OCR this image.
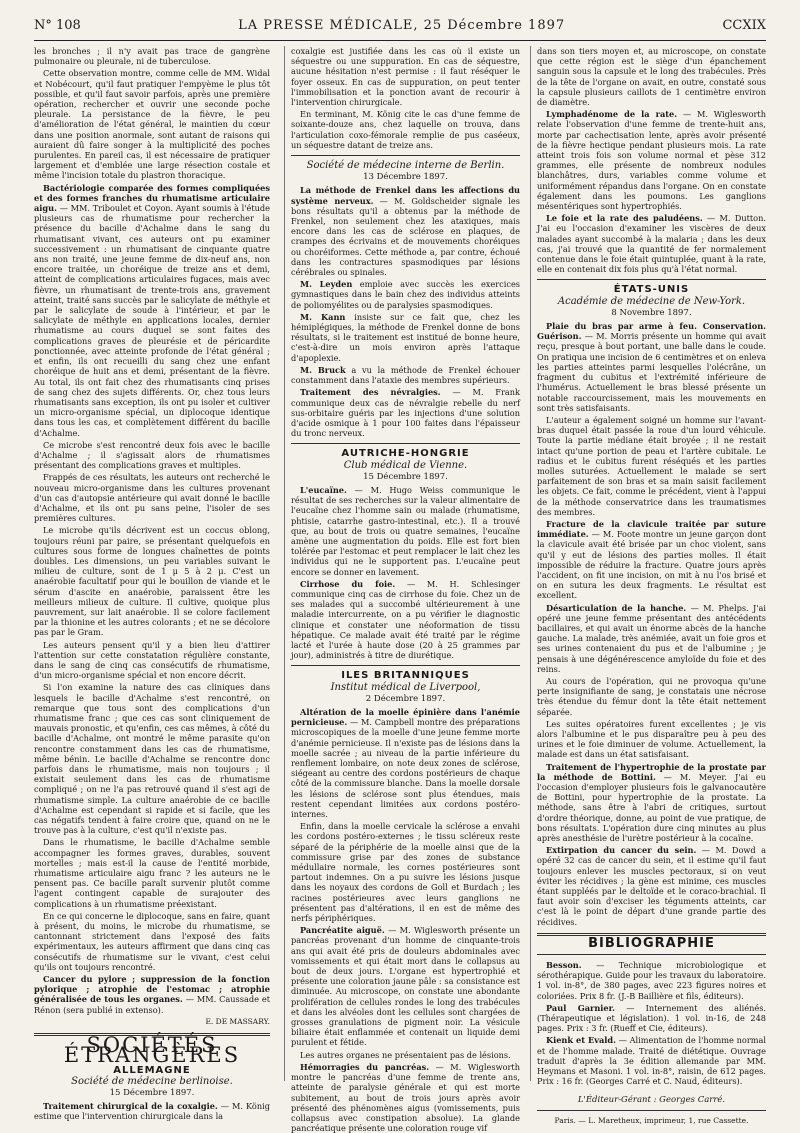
N° 108	LA PRESSE MÉDICALE, 25 Décembre 1897	CCXIX

les bronches ; il n'y avait pas trace de gangrène pulmonaire ou pleurale, ni de tuberculose.

Cette observation montre, comme celle de MM. Widal et Nobécourt, qu'il faut pratiquer l'empyème le plus tôt possible, et qu'il faut savoir parfois, après une première opération, rechercher et ouvrir une seconde poche pleurale. La persistance de la fièvre, le peu d'amélioration de l'état général, le maintien du cœur dans une position anormale, sont autant de raisons qui auraient dû faire songer à la multiplicité des poches purulentes. En pareil cas, il est nécessaire de pratiquer largement et d'emblée une large résection costale et même l'incision totale du plastron thoracique.

Bactériologie comparée des formes compliquées et des formes franches du rhumatisme articulaire aigu. — MM. Triboulet et Coyon. Ayant soumis à l'étude plusieurs cas de rhumatisme pour rechercher la présence du bacille d'Achalme dans le sang du rhumatisant vivant, ces auteurs ont pu examiner successivement : un rhumatisant de cinquante quatre ans non traité, une jeune femme de dix-neuf ans, non encore traitée, un choréique de treize ans et demi, atteint de complications articulaires fugaces, mais avec fièvre, un rhumatisant de trente-trois ans, gravement atteint, traité sans succès par le salicylate de méthyle et par le salicylate de soude à l'intérieur, et par le salicylate de méthyle en applications locales, dernier rhumatisme au cours duquel se sont faites des complications graves de pleurésie et de péricardite ponctionnée, avec atteinte profonde de l'état général ; et enfin, ils ont recueilli du sang chez une enfant choréique de huit ans et demi, présentant de la fièvre. Au total, ils ont fait chez des rhumatisants cinq prises de sang chez des sujets différents. Or, chez tous leurs rhumatisants sans exception, ils ont pu isoler et cultiver un micro-organisme spécial, un diplocoque identique dans tous les cas, et complètement différent du bacille d'Achalme.

Ce microbe s'est rencontré deux fois avec le bacille d'Achalme ; il s'agissait alors de rhumatismes présentant des complications graves et multiples.

Frappés de ces résultats, les auteurs ont recherché le nouveau micro-organisme dans les cultures provenant d'un cas d'autopsie antérieure qui avait donné le bacille d'Achalme, et ils ont pu sans peine, l'isoler de ses premières cultures.

Le microbe qu'ils décrivent est un coccus oblong, toujours réuni par paire, se présentant quelquefois en cultures sous forme de longues chaînettes de points doubles. Les dimensions, un peu variables suivant le milieu de culture, sont de 1 μ 5 à 2 μ. C'est un anaérobie facultatif pour qui le bouillon de viande et le sérum d'ascite en anaérobie, paraissent être les meilleurs milieux de culture. Il cultive, quoique plus pauvrement, sur lait anaérobie. Il se colore facilement par la thionine et les autres colorants ; et ne se décolore pas par le Gram.

Les auteurs pensent qu'il y a bien lieu d'attirer l'attention sur cette constatation régulière constante, dans le sang de cinq cas consécutifs de rhumatisme, d'un micro-organisme spécial et non encore décrit.

Si l'on examine la nature des cas cliniques dans lesquels le bacille d'Achalme s'est rencontré, on remarque que tous sont des complications d'un rhumatisme franc ; que ces cas sont cliniquement de mauvais pronostic, et qu'enfin, ces cas mêmes, à côté du bacille d'Achalme, ont montré le même parasite qu'on rencontre constamment dans les cas de rhumatisme, même bénin. Le bacille d'Achalme se rencontre donc parfois dans le rhumatisme, mais non toujours ; il existait seulement dans les cas de rhumatisme compliqué ; on ne l'a pas retrouvé quand il s'est agi de rhumatisme simple. La culture anaérobie de ce bacille d'Achalme est cependant si rapide et si facile, que les cas négatifs tendent à faire croire que, quand on ne le trouve pas à la culture, c'est qu'il n'existe pas.

Dans le rhumatisme, le bacille d'Achalme semble accompagner les formes graves, durables, souvent mortelles ; mais est-il la cause de l'entité morbide, rhumatisme articulaire aigu franc ? les auteurs ne le pensent pas. Ce bacille paraît survenir plutôt comme l'agent contingent capable de surajouter des complications à un rhumatisme préexistant.

En ce qui concerne le diplocoque, sans en faire, quant à présent, du moins, le microbe du rhumatisme, se cantonnant strictement dans l'exposé des faits expérimentaux, les auteurs affirment que dans cinq cas consécutifs de rhumatisme sur le vivant, c'est celui qu'ils ont toujours rencontré.

Cancer du pylore ; suppression de la fonction pylorique ; atrophie de l'estomac ; atrophie généralisée de tous les organes. — MM. Caussade et Rénon (sera publié in extenso).

E. DE MASSARY.
SOCIÉTÉS ÉTRANGÈRES
ALLEMAGNE
Société de médecine berlinoise.
15 Décembre 1897.

Traitement chirurgical de la coxalgie. — M. König estime que l'intervention chirurgicale dans la

coxalgie est justifiée dans les cas où il existe un séquestre ou une suppuration. En cas de séquestre, aucune hésitation n'est permise : il faut réséquer le foyer osseux. En cas de suppuration, on peut tenter l'immobilisation et la ponction avant de recourir à l'intervention chirurgicale.

En terminant, M. König cite le cas d'une femme de soixante-douze ans, chez laquelle on trouva, dans l'articulation coxo-fémorale remplie de pus caséeux, un séquestre datant de treize ans.

Société de médecine interne de Berlin.
13 Décembre 1897.

La méthode de Frenkel dans les affections du système nerveux. — M. Goldscheider signale les bons résultats qu'il a obtenus par la méthode de Frenkel, non seulement chez les ataxiques, mais encore dans les cas de sclérose en plaques, de crampes des écrivains et de mouvements choréiques ou choréiformes. Cette méthode a, par contre, échoué dans les contractures spasmodiques par lésions cérébrales ou spinales.

M. Leyden emploie avec succès les exercices gymnastiques dans le bain chez des individus atteints de poliomyélites ou de paralysies spasmodiques.

M. Kann insiste sur ce fait que, chez les hémiplégiques, la méthode de Frenkel donne de bons résultats, si le traitement est institué de bonne heure, c'est-à-dire un mois environ après l'attaque d'apoplexie.

M. Bruck a vu la méthode de Frenkel échouer constamment dans l'ataxie des membres supérieurs.

Traitement des névralgies. — M. Frank communique deux cas de névralgie rebelle du nerf sus-orbitaire guéris par les injections d'une solution d'acide osmique à 1 pour 100 faites dans l'épaisseur du tronc nerveux.

AUTRICHE-HONGRIE
Club médical de Vienne.
15 Décembre 1897.

L'eucaïne. — M. Hugo Weiss communique le résultat de ses recherches sur la valeur alimentaire de l'eucaïne chez l'homme sain ou malade (rhumatisme, phtisie, catarrhe gastro-intestinal, etc.). Il a trouvé que, au bout de trois ou quatre semaines, l'eucaïne amène une augmentation du poids. Elle est fort bien tolérée par l'estomac et peut remplacer le lait chez les individus qui ne le supportent pas. L'eucaïne peut encore se donner en lavement.

Cirrhose du foie. — M. H. Schlesinger communique cinq cas de cirrhose du foie. Chez un de ses malades qui a succombé ultérieurement à une maladie intercurrente, on a pu vérifier le diagnostic clinique et constater une néoformation de tissu hépatique. Ce malade avait été traité par le régime lacté et l'urée à haute dose (20 à 25 grammes par jour), administrés à titre de diurétique.

ILES BRITANNIQUES
Institut médical de Liverpool,
2 Décembre 1897.

Altération de la moelle épinière dans l'anémie pernicieuse. — M. Campbell montre des préparations microscopiques de la moelle d'une jeune femme morte d'anémie pernicieuse. Il n'existe pas de lésions dans la moelle sacrée ; au niveau de la partie inférieure du renflement lombaire, on note deux zones de sclérose, siégeant au centre des cordons postérieurs de chaque côté de la commissure blanche. Dans la moelle dorsale les lésions de sclérose sont plus étendues, mais restent cependant limitées aux cordons postéro-internes.

Enfin, dans la moelle cervicale la sclérose a envahi les cordons postéro-externes ; le tissu scléreux reste séparé de la périphérie de la moelle ainsi que de la commissure grise par des zones de substance médullaire normale, les cornes postérieures sont partout indemnes. On a pu suivre les lésions jusque dans les noyaux des cordons de Goll et Burdach ; les racines postérieures avec leurs ganglions ne présentent pas d'altérations, il en est de même des nerfs périphériques.

Pancréatite aiguë. — M. Wiglesworth présente un pancréas provenant d'un homme de cinquante-trois ans qui avait été pris de douleurs abdominales avec vomissements et qui était mort dans le collapsus au bout de deux jours. L'organe est hypertrophié et présente une coloration jaune pâle : sa consistance est diminuée. Au microscope, on constate une abondante prolifération de cellules rondes le long des trabécules et dans les alvéoles dont les cellules sont chargées de grosses granulations de pigment noir. La vésicule biliaire était enflammée et contenait un liquide demi purulent et fétide.

Les autres organes ne présentaient pas de lésions.

Hémorragies du pancréas. — M. Wiglesworth montre le pancréas d'une femme de trente ans, atteinte de paralysie générale et qui est morte subitement, au bout de trois jours après avoir présenté des phénomènes aigus (vomissements, puis collapsus avec constipation absolue). La glande pancréatique présente une coloration rouge vif

dans son tiers moyen et, au microscope, on constate que cette région est le siège d'un épanchement sanguin sous la capsule et le long des trabécules. Près de la tête de l'organe on avait, en outre, constaté sous la capsule plusieurs caillots de 1 centimètre environ de diamètre.

Lymphadénome de la rate. — M. Wiglesworth relate l'observation d'une femme de trente-huit ans, morte par cachectisation lente, après avoir présenté de la fièvre hectique pendant plusieurs mois. La rate atteint trois fois son volume normal et pèse 312 grammes, elle présente de nombreux nodules blanchâtres, durs, variables comme volume et uniformément répandus dans l'organe. On en constate également dans les poumons. Les ganglions mésentériques sont hypertrophiés.

Le foie et la rate des paludéens. — M. Dutton. J'ai eu l'occasion d'examiner les viscères de deux malades ayant succombé à la malaria ; dans les deux cas, j'ai trouvé que la quantité de fer normalement contenue dans le foie était quintuplée, quant à la rate, elle en contenait dix fois plus qu'à l'état normal.

ÉTATS-UNIS
Académie de médecine de New-York.
8 Novembre 1897.

Plaie du bras par arme à feu. Conservation. Guérison. — M. Morris présente un homme qui avait reçu, presque à bout portant, une balle dans le coude. On pratiqua une incision de 6 centimètres et on enleva les parties atteintes parmi lesquelles l'olécrâne, un fragment du cubitus et l'extrémité inférieure de l'humérus. Actuellement le bras blessé présente un notable raccourcissement, mais les mouvements en sont très satisfaisants.

L'auteur a également soigné un homme sur l'avant-bras duquel était passée la roue d'un lourd véhicule. Toute la partie médiane était broyée ; il ne restait intact qu'une portion de peau et l'artère cubitale. Le radius et le cubitus furent réséqués et les parties molles suturées. Actuellement le malade se sert parfaitement de son bras et sa main saisit facilement les objets. Ce fait, comme le précédent, vient à l'appui de la méthode conservatrice dans les traumatismes des membres.

Fracture de la clavicule traitée par suture immédiate. — M. Foote montre un jeune garçon dont la clavicule avait été brisée par un choc violent, sans qu'il y eut de lésions des parties molles. Il était impossible de réduire la fracture. Quatre jours après l'accident, on fit une incision, on mit à nu l'os brisé et on en sutura les deux fragments. Le résultat est excellent.

Désarticulation de la hanche. — M. Phelps. J'ai opéré une jeune femme présentant des antécédents bacillaires, et qui avait un énorme abcès de la hanche gauche. La malade, très anémiée, avait un foie gros et ses urines contenaient du pus et de l'albumine ; je pensais à une dégénérescence amyloïde du foie et des reins.

Au cours de l'opération, qui ne provoqua qu'une perte insignifiante de sang, je constatais une nécrose très étendue du fémur dont la tête était nettement séparée.

Les suites opératoires furent excellentes ; je vis alors l'albumine et le pus disparaître peu à peu des urines et le foie diminuer de volume. Actuellement, la malade est dans un état satisfaisant.

Traitement de l'hypertrophie de la prostate par la méthode de Bottini. — M. Meyer. J'ai eu l'occasion d'employer plusieurs fois le galvanocautère de Bottini, pour hypertrophie de la prostate. La méthode, sans être à l'abri de critiques, surtout d'ordre théorique, donne, au point de vue pratique, de bons résultats. L'opération dure cinq minutes au plus après anesthésie de l'urètre postérieur à la cocaïne.

Extirpation du cancer du sein. — M. Dowd a opéré 32 cas de cancer du sein, et il estime qu'il faut toujours enlever les muscles pectoraux, si on veut éviter les récidives ; la gène est minime, ces muscles étant suppléés par le deltoïde et le coraco-brachial. Il faut avoir soin d'exciser les téguments atteints, car c'est là le point de départ d'une grande partie des récidives.

BIBLIOGRAPHIE

Besson. — Technique microbiologique et sérothérapique. Guide pour les travaux du laboratoire. 1 vol. in-8°, de 380 pages, avec 223 figures noires et coloriées. Prix 8 fr. (J.-B Baillière et fils, éditeurs).

Paul Garnier. — Internement des aliénés. (Thérapeutique et législation). 1 vol. in-16, de 248 pages. Prix : 3 fr. (Rueff et Cie, éditeurs).

Kienk et Evald. — Alimentation de l'homme normal et de l'homme malade. Traité de diététique. Ouvrage traduit d'après la 3e édition allemande par MM. Heymans et Masoni. 1 vol. in-8°, raisin, de 612 pages. Prix : 16 fr. (Georges Carré et C. Naud, éditeurs).

L'Éditeur-Gérant : Georges Carré.
Paris. — L. Maretheux, imprimeur, 1, rue Cassette.
